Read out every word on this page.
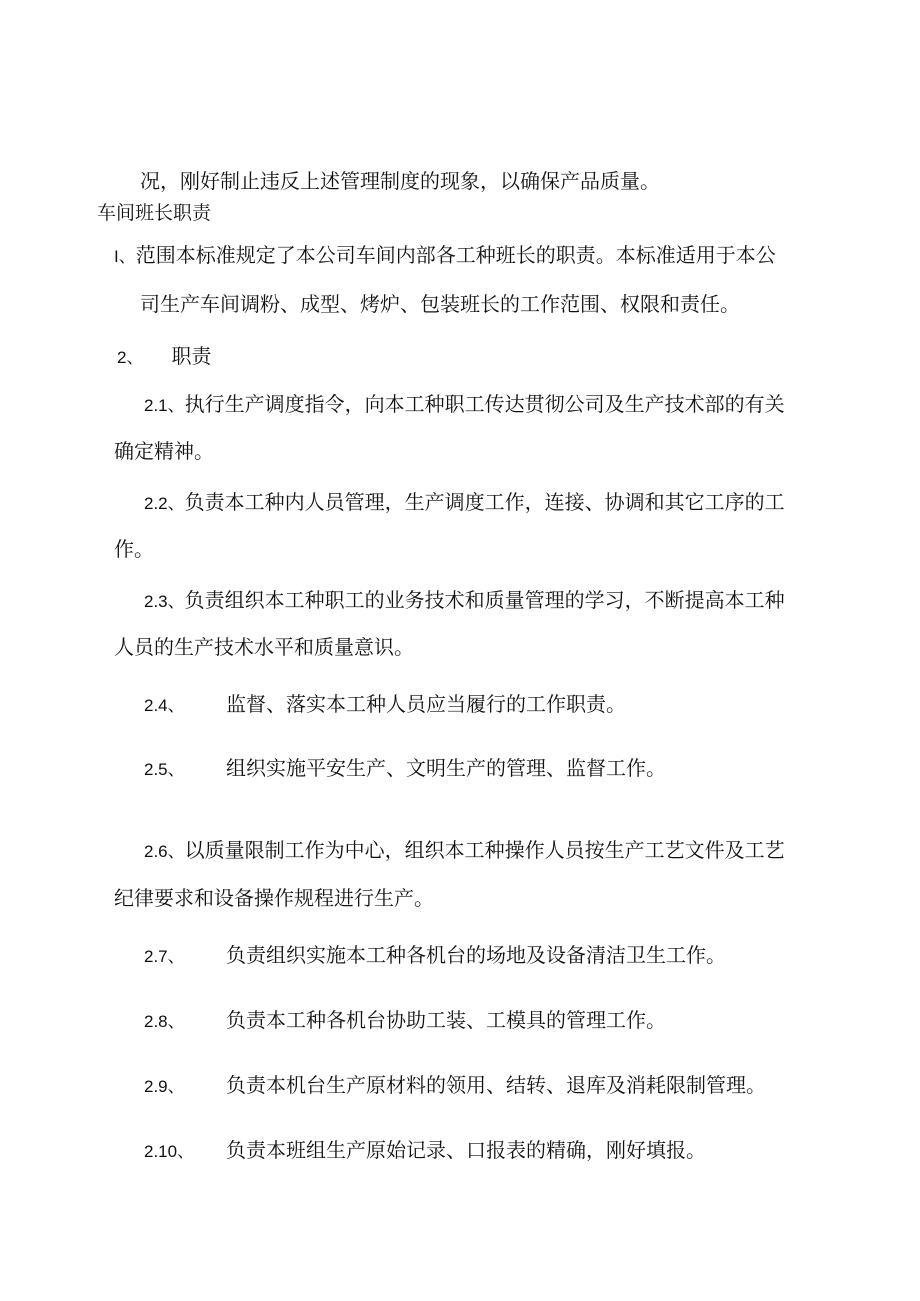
况，刚好制止违反上述管理制度的现象，以确保产品质量。
车间班长职责
I、范围本标准规定了本公司车间内部各工种班长的职责。本标准适用于本公
司生产车间调粉、成型、烤炉、包装班长的工作范围、权限和责任。
2、 职责
2.1、执行生产调度指令，向本工种职工传达贯彻公司及生产技术部的有关
确定精神。
2.2、负责本工种内人员管理，生产调度工作，连接、协调和其它工序的工
作。
2.3、负责组织本工种职工的业务技术和质量管理的学习，不断提高本工种
人员的生产技术水平和质量意识。
2.4、 监督、落实本工种人员应当履行的工作职责。
2.5、 组织实施平安生产、文明生产的管理、监督工作。
2.6、以质量限制工作为中心，组织本工种操作人员按生产工艺文件及工艺
纪律要求和设备操作规程进行生产。
2.7、 负责组织实施本工种各机台的场地及设备清洁卫生工作。
2.8、 负责本工种各机台协助工装、工模具的管理工作。
2.9、 负责本机台生产原材料的领用、结转、退库及消耗限制管理。
2.10、 负责本班组生产原始记录、口报表的精确，刚好填报。
